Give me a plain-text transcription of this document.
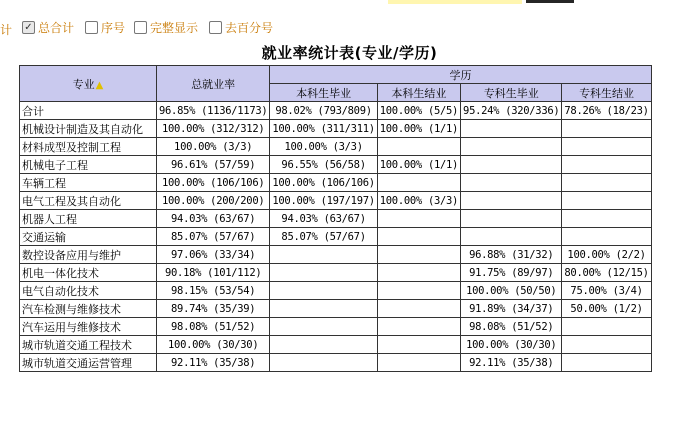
计 ✓ 总合计 序号 完整显示 去百分号
就业率统计表(专业/学历)
专业▲	总就业率	学历			
		本科生毕业	本科生结业	专科生毕业	专科生结业
合计	96.85% (1136/1173)	98.02% (793/809)	100.00% (5/5)	95.24% (320/336)	78.26% (18/23)
机械设计制造及其自动化	100.00% (312/312)	100.00% (311/311)	100.00% (1/1)		
材料成型及控制工程	100.00% (3/3)	100.00% (3/3)			
机械电子工程	96.61% (57/59)	96.55% (56/58)	100.00% (1/1)		
车辆工程	100.00% (106/106)	100.00% (106/106)			
电气工程及其自动化	100.00% (200/200)	100.00% (197/197)	100.00% (3/3)		
机器人工程	94.03% (63/67)	94.03% (63/67)			
交通运输	85.07% (57/67)	85.07% (57/67)			
数控设备应用与维护	97.06% (33/34)			96.88% (31/32)	100.00% (2/2)
机电一体化技术	90.18% (101/112)			91.75% (89/97)	80.00% (12/15)
电气自动化技术	98.15% (53/54)			100.00% (50/50)	75.00% (3/4)
汽车检测与维修技术	89.74% (35/39)			91.89% (34/37)	50.00% (1/2)
汽车运用与维修技术	98.08% (51/52)			98.08% (51/52)	
城市轨道交通工程技术	100.00% (30/30)			100.00% (30/30)	
城市轨道交通运营管理	92.11% (35/38)			92.11% (35/38)	
